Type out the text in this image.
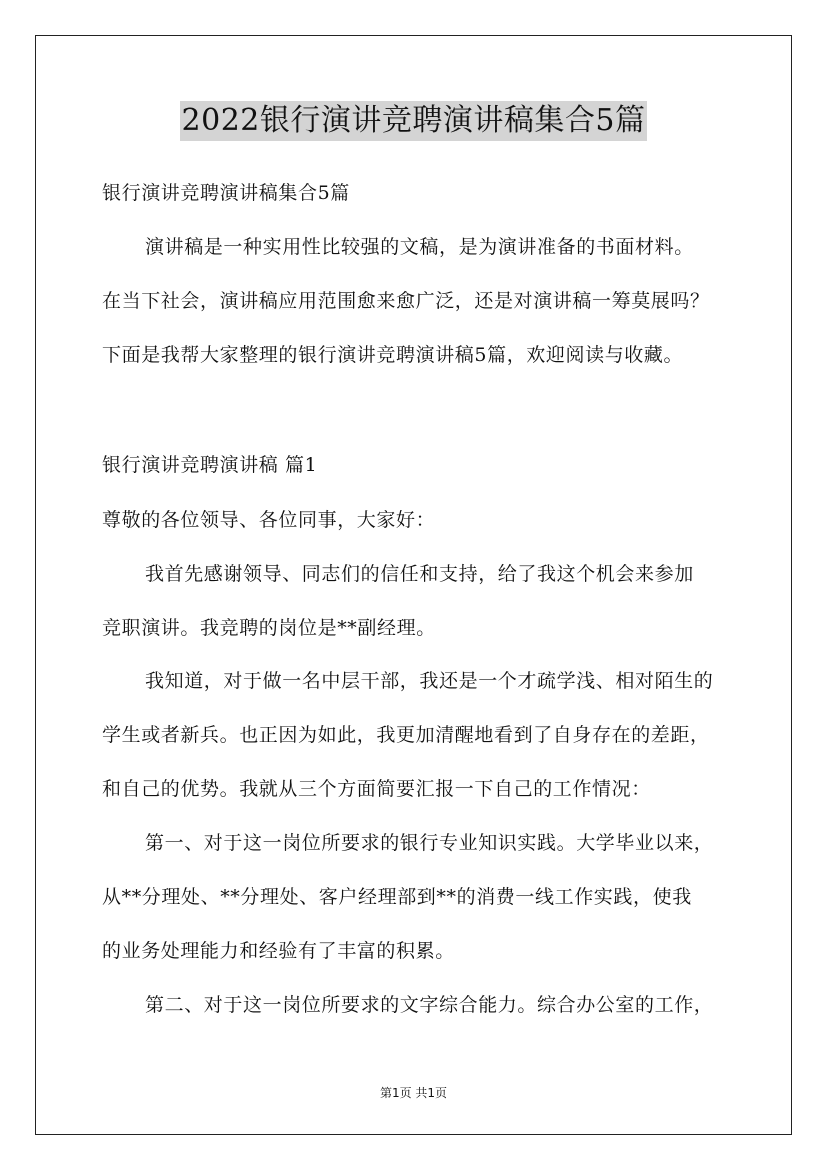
2022银行演讲竞聘演讲稿集合5篇
银行演讲竞聘演讲稿集合5篇
演讲稿是一种实用性比较强的文稿，是为演讲准备的书面材料。
在当下社会，演讲稿应用范围愈来愈广泛，还是对演讲稿一筹莫展吗？
下面是我帮大家整理的银行演讲竞聘演讲稿5篇，欢迎阅读与收藏。
银行演讲竞聘演讲稿 篇1
尊敬的各位领导、各位同事，大家好：
我首先感谢领导、同志们的信任和支持，给了我这个机会来参加
竞职演讲。我竞聘的岗位是**副经理。
我知道，对于做一名中层干部，我还是一个才疏学浅、相对陌生的
学生或者新兵。也正因为如此，我更加清醒地看到了自身存在的差距，
和自己的优势。我就从三个方面简要汇报一下自己的工作情况：
第一、对于这一岗位所要求的银行专业知识实践。大学毕业以来，
从**分理处、**分理处、客户经理部到**的消费一线工作实践，使我
的业务处理能力和经验有了丰富的积累。
第二、对于这一岗位所要求的文字综合能力。综合办公室的工作，
第1页 共1页
